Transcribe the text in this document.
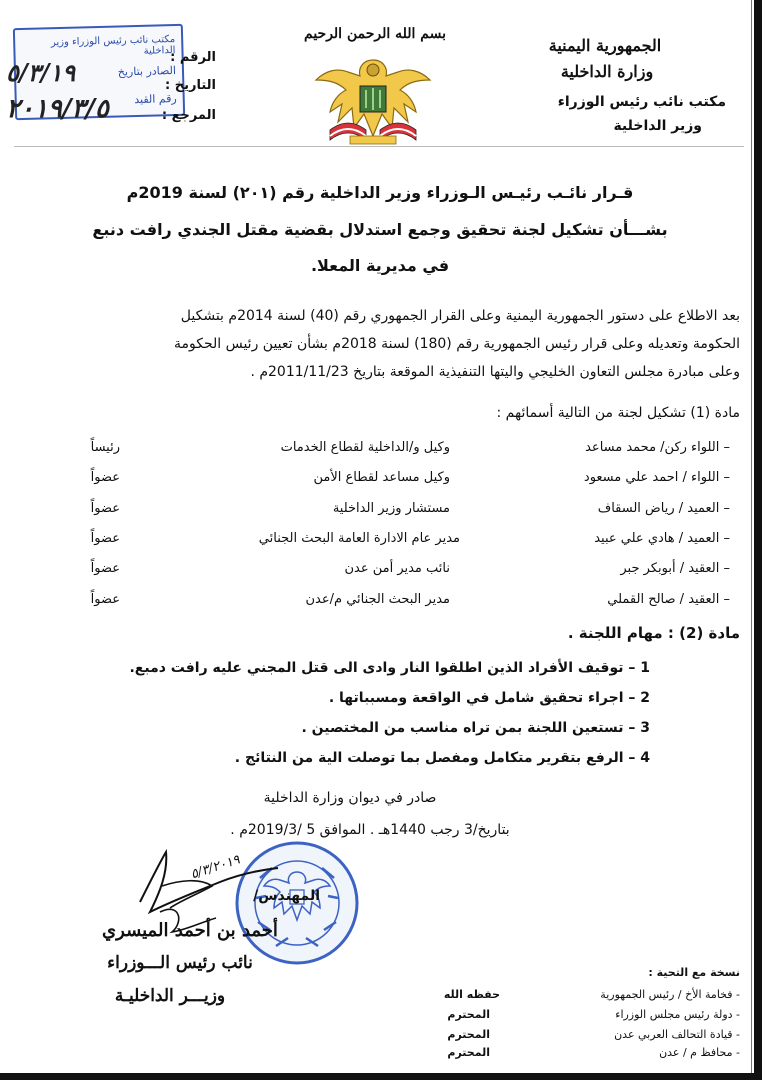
مكتب نائب رئيس الوزراء وزير الداخلية
الصادر بتاريخ
رقم القيد
٥/٣/١٩
٢٠١٩/٣/٥
الرقم :
التاريخ :
المرجع :
بسم الله الرحمن الرحيم
الجمهورية اليمنية
وزارة الداخلية
مكتب نائب رئيس الوزراء
وزير الداخلية
قـرار نائـب رئيـس الـوزراء وزير الداخلية رقم (٢٠١) لسنة 2019م
بشـــأن تشكيل لجنة تحقيق وجمع استدلال بقضية مقتل الجندي رافت دنبع
في مديرية المعلا.
بعد الاطلاع على دستور الجمهورية اليمنية وعلى القرار الجمهوري رقم (40) لسنة 2014م بتشكيل
الحكومة وتعديله وعلى قرار رئيس الجمهورية رقم (180) لسنة 2018م بشأن تعيين رئيس الحكومة
وعلى مبادرة مجلس التعاون الخليجي واليتها التنفيذية الموقعة بتاريخ 2011/11/23م .
مادة (1) تشكيل لجنة من التالية أسمائهم :
– اللواء ركن/ محمد مساعد
وكيل و/الداخلية لقطاع الخدمات
رئيساً
– اللواء / احمد علي مسعود
وكيل مساعد لقطاع الأمن
عضواً
– العميد / رياض السقاف
مستشار وزير الداخلية
عضواً
– العميد / هادي علي عبيد
مدير عام الادارة العامة البحث الجنائي
عضواً
– العقيد / أبوبكر جبر
نائب مدير أمن عدن
عضواً
– العقيد / صالح القملي
مدير البحث الجنائي م/عدن
عضواً
مادة (2) : مهام اللجنة .
1 – توقيف الأفراد الذين اطلقوا النار وادى الى قتل المجني عليه رافت دمبع.
2 – اجراء تحقيق شامل في الواقعة ومسبباتها .
3 – تستعين اللجنة بمن تراه مناسب من المختصين .
4 – الرفع بتقرير متكامل ومفصل بما توصلت الية من النتائج .
صادر في ديوان وزارة الداخلية
بتاريخ/3 رجب 1440هـ . الموافق 5 /2019/3م .
٥/٣/٢٠١٩
المهندس/
أحمد بن أحمد الميسري
نائب رئيس الـــوزراء
وزيـــر الداخليـة
نسخة مع التحية :
- فخامة الأخ / رئيس الجمهورية
حفظه الله
- دولة رئيس مجلس الوزراء
المحترم
- قيادة التحالف العربي عدن
المحترم
- محافظ م / عدن
المحترم
